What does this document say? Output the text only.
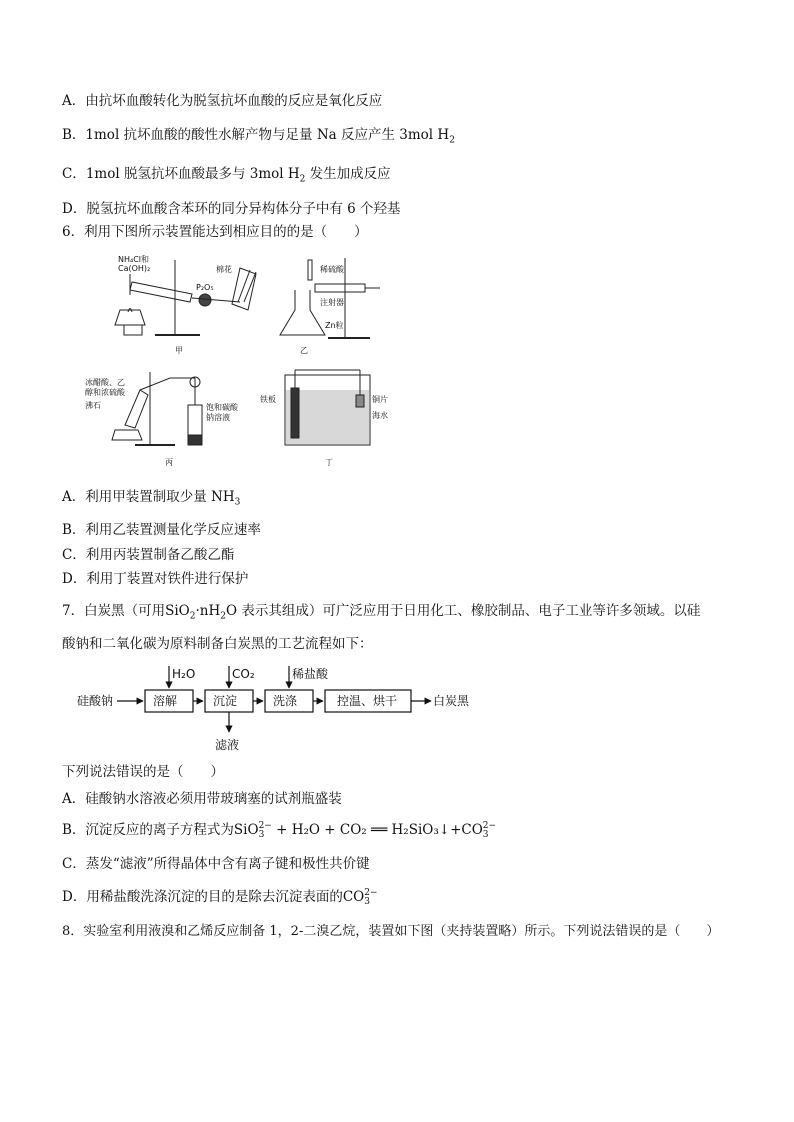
A．由抗坏血酸转化为脱氢抗坏血酸的反应是氧化反应
B．1mol 抗坏血酸的酸性水解产物与足量 Na 反应产生 3mol $H_2$
C．1mol 脱氢抗坏血酸最多与 3mol $H_2$ 发生加成反应
D．脱氢抗坏血酸含苯环的同分异构体分子中有 6 个羟基
6．利用下图所示装置能达到相应目的的是（　　）
NH₄Cl和
Ca(OH)₂
P₂O₅
棉花
甲
稀硫酸
注射器
Zn粒
乙
冰醋酸、乙
醇和浓硫酸
沸石	饱和碳酸
钠溶液
丙
铁板	铜片
海水
丁
A．利用甲装置制取少量 $NH_3$
B．利用乙装置测量化学反应速率
C．利用丙装置制备乙酸乙酯
D．利用丁装置对铁件进行保护
7．白炭黑（可用$SiO_2\cdot nH_2O$ 表示其组成）可广泛应用于日用化工、橡胶制品、电子工业等许多领域。以硅
酸钠和二氧化碳为原料制备白炭黑的工艺流程如下：
硅酸钠	溶解	沉淀	洗涤	控温、烘干	白炭黑
H₂O	CO₂	稀盐酸
滤液
下列说法错误的是（　　）
A．硅酸钠水溶液必须用带玻璃塞的试剂瓶盛装
B．沉淀反应的离子方程式为SiO 2−
3 + H₂O + CO₂ ══ H₂SiO₃↓+CO 2−
3
C．蒸发“滤液”所得晶体中含有离子键和极性共价键
D．用稀盐酸洗涤沉淀的目的是除去沉淀表面的CO 2−
3
8．实验室利用液溴和乙烯反应制备 1，2-二溴乙烷，装置如下图（夹持装置略）所示。下列说法错误的是（　　）
